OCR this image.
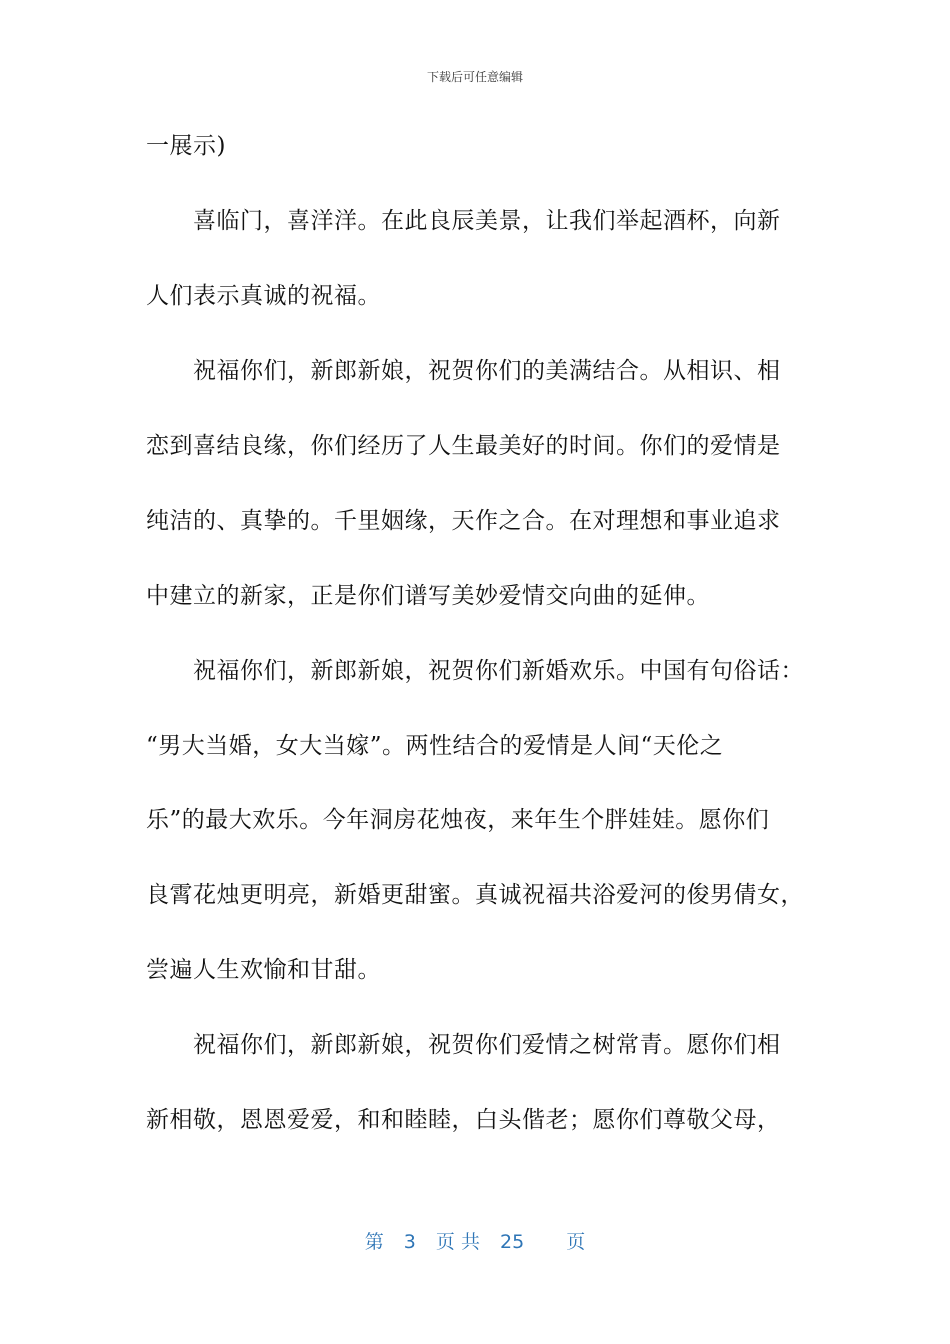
下载后可任意编辑
一展示)
喜临门，喜洋洋。在此良辰美景，让我们举起酒杯，向新
人们表示真诚的祝福。
祝福你们，新郎新娘，祝贺你们的美满结合。从相识、相
恋到喜结良缘，你们经历了人生最美好的时间。你们的爱情是
纯洁的、真挚的。千里姻缘，天作之合。在对理想和事业追求
中建立的新家，正是你们谱写美妙爱情交向曲的延伸。
祝福你们，新郎新娘，祝贺你们新婚欢乐。中国有句俗话：
“男大当婚，女大当嫁”。两性结合的爱情是人间“天伦之
乐”的最大欢乐。今年洞房花烛夜，来年生个胖娃娃。愿你们
良霄花烛更明亮，新婚更甜蜜。真诚祝福共浴爱河的俊男倩女，
尝遍人生欢愉和甘甜。
祝福你们，新郎新娘，祝贺你们爱情之树常青。愿你们相
新相敬，恩恩爱爱，和和睦睦，白头偕老；愿你们尊敬父母，
第 3 页 共 25 页
